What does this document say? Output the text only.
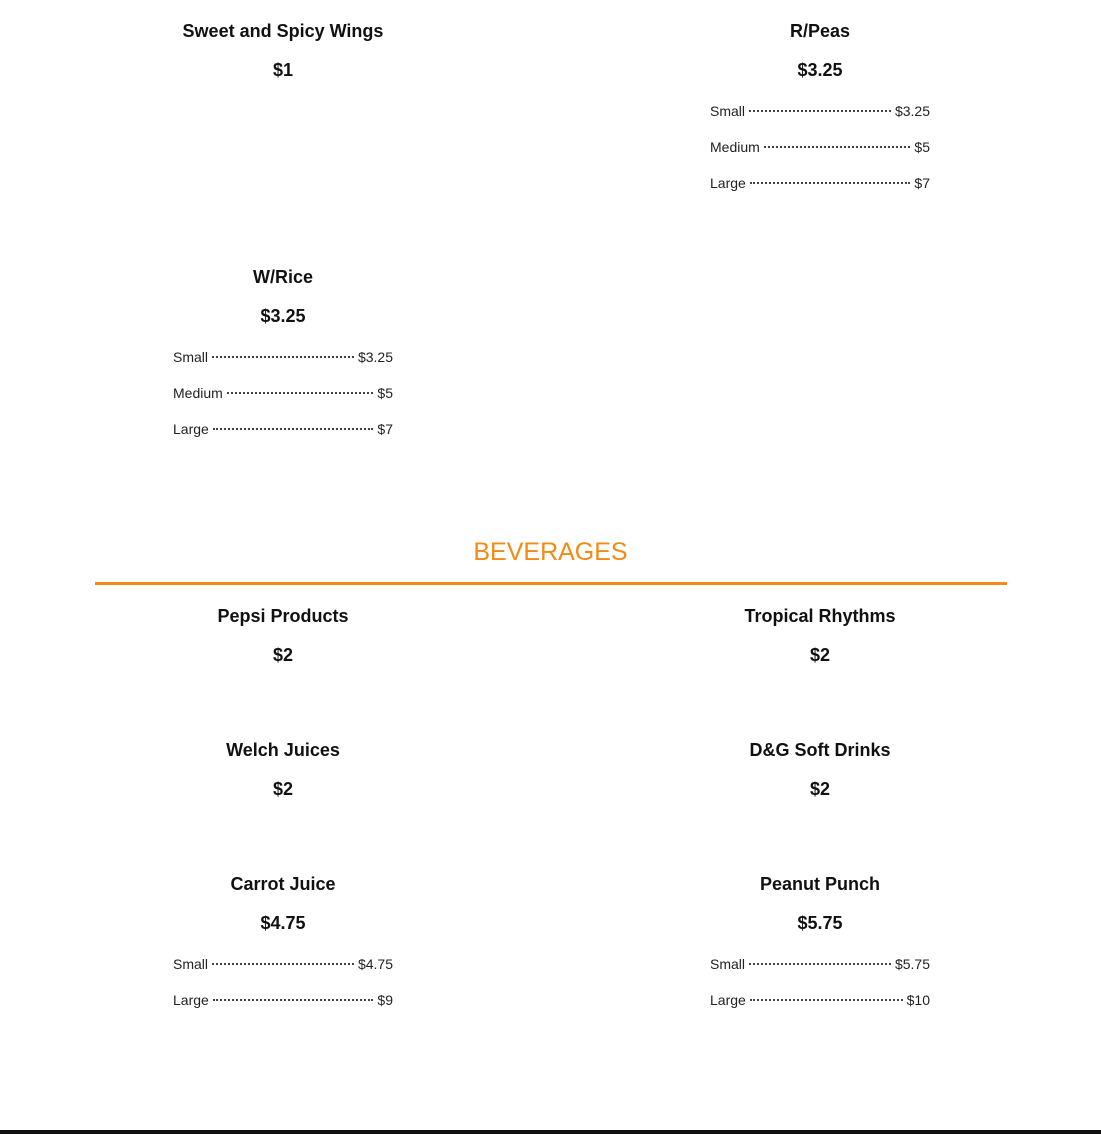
Sweet and Spicy Wings
$1
R/Peas
$3.25
Small	$3.25
Medium	$5
Large	$7
W/Rice
$3.25
Small	$3.25
Medium	$5
Large	$7
BEVERAGES
Pepsi Products
$2
Tropical Rhythms
$2
Welch Juices
$2
D&G Soft Drinks
$2
Carrot Juice
$4.75
Small	$4.75
Large	$9
Peanut Punch
$5.75
Small	$5.75
Large	$10
